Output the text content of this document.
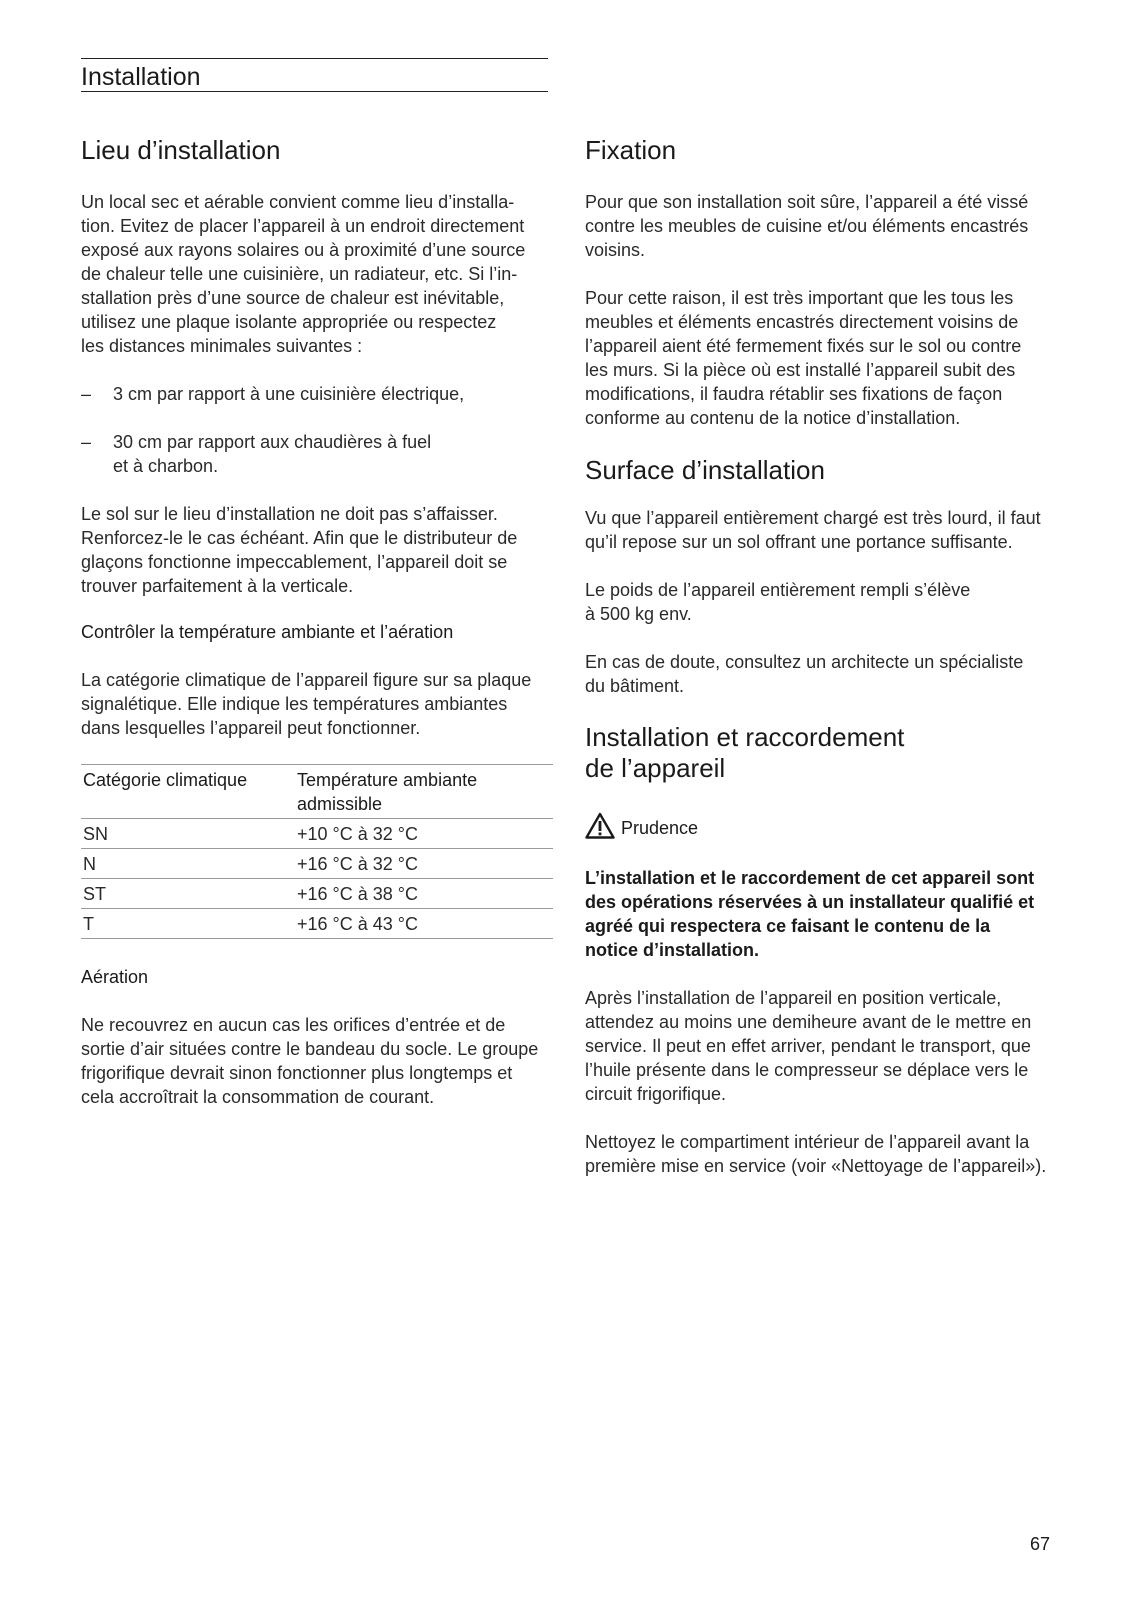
Installation
Lieu d’installation

Un local sec et aérable convient comme lieu d’installa-
tion. Evitez de placer l’appareil à un endroit directement
exposé aux rayons solaires ou à proximité d’une source
de chaleur telle une cuisinière, un radiateur, etc. Si l’in-
stallation près d’une source de chaleur est inévitable,
utilisez une plaque isolante appropriée ou respectez
les distances minimales suivantes :

–	3 cm par rapport à une cuisinière électrique,
–	30 cm par rapport aux chaudières à fuel
et à charbon.

Le sol sur le lieu d’installation ne doit pas s’affaisser.
Renforcez-le le cas échéant. Afin que le distributeur de
glaçons fonctionne impeccablement, l’appareil doit se
trouver parfaitement à la verticale.

Contrôler la température ambiante et l’aération

La catégorie climatique de l’appareil figure sur sa plaque
signalétique. Elle indique les températures ambiantes
dans lesquelles l’appareil peut fonctionner.

Catégorie climatique	Température ambiante admissible
SN	+10 °C à 32 °C
N	+16 °C à 32 °C
ST	+16 °C à 38 °C
T	+16 °C à 43 °C
Aération

Ne recouvrez en aucun cas les orifices d’entrée et de
sortie d’air situées contre le bandeau du socle. Le groupe
frigorifique devrait sinon fonctionner plus longtemps et
cela accroîtrait la consommation de courant.

Fixation

Pour que son installation soit sûre, l’appareil a été vissé
contre les meubles de cuisine et/ou éléments encastrés
voisins.

Pour cette raison, il est très important que les tous les
meubles et éléments encastrés directement voisins de
l’appareil aient été fermement fixés sur le sol ou contre
les murs. Si la pièce où est installé l’appareil subit des
modifications, il faudra rétablir ses fixations de façon
conforme au contenu de la notice d’installation.

Surface d’installation

Vu que l’appareil entièrement chargé est très lourd, il faut
qu’il repose sur un sol offrant une portance suffisante.

Le poids de l’appareil entièrement rempli s’élève
à 500 kg env.

En cas de doute, consultez un architecte un spécialiste
du bâtiment.

Installation et raccordement
de l’appareil
Prudence

L’installation et le raccordement de cet appareil sont
des opérations réservées à un installateur qualifié et
agréé qui respectera ce faisant le contenu de la
notice d’installation.

Après l’installation de l’appareil en position verticale,
attendez au moins une demiheure avant de le mettre en
service. Il peut en effet arriver, pendant le transport, que
l’huile présente dans le compresseur se déplace vers le
circuit frigorifique.

Nettoyez le compartiment intérieur de l’appareil avant la
première mise en service (voir «Nettoyage de l’appareil»).

67
